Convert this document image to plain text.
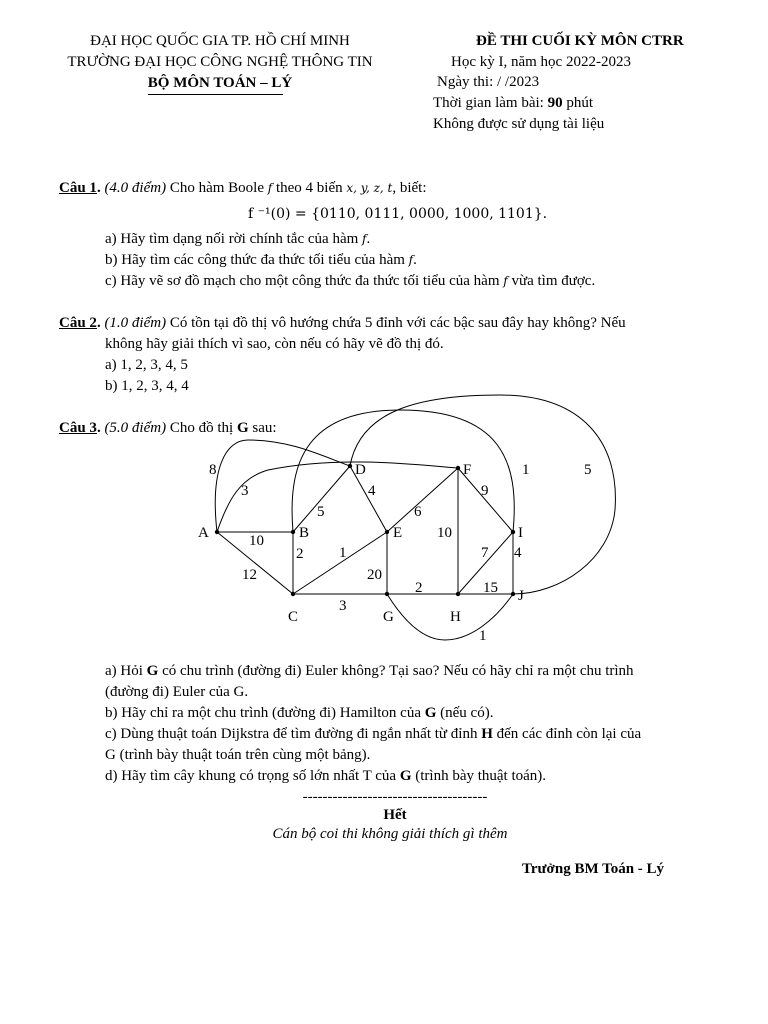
ĐẠI HỌC QUỐC GIA TP. HỒ CHÍ MINH
TRƯỜNG ĐẠI HỌC CÔNG NGHỆ THÔNG TIN
BỘ MÔN TOÁN – LÝ
ĐỀ THI CUỐI KỲ MÔN CTRR
Học kỳ I, năm học 2022-2023
Ngày thi: / /2023
Thời gian làm bài: 90 phút
Không được sử dụng tài liệu
Câu 1. (4.0 điểm) Cho hàm Boole f theo 4 biến x, y, z, t, biết:
f ⁻¹(0) = {0110, 0111, 0000, 1000, 1101}.
a) Hãy tìm dạng nối rời chính tắc của hàm f.
b) Hãy tìm các công thức đa thức tối tiểu của hàm f.
c) Hãy vẽ sơ đồ mạch cho một công thức đa thức tối tiểu của hàm f vừa tìm được.
Câu 2. (1.0 điểm) Có tồn tại đồ thị vô hướng chứa 5 đỉnh với các bậc sau đây hay không? Nếu
không hãy giải thích vì sao, còn nếu có hãy vẽ đồ thị đó.
a) 1, 2, 3, 4, 5
b) 1, 2, 3, 4, 4
Câu 3. (5.0 điểm) Cho đồ thị G sau:
A	B
C
D
E
F
G	H
I
J
8
3
10
12
5
2
1
4
5
6
1
20
9
10
3
2
1
7
15
4
a) Hỏi G có chu trình (đường đi) Euler không? Tại sao? Nếu có hãy chỉ ra một chu trình
(đường đi) Euler của G.
b) Hãy chỉ ra một chu trình (đường đi) Hamilton của G (nếu có).
c) Dùng thuật toán Dijkstra để tìm đường đi ngắn nhất từ đỉnh H đến các đỉnh còn lại của
G (trình bày thuật toán trên cùng một bảng).
d) Hãy tìm cây khung có trọng số lớn nhất T của G (trình bày thuật toán).
-------------------------------------
Hết
Cán bộ coi thi không giải thích gì thêm
Trưởng BM Toán - Lý
